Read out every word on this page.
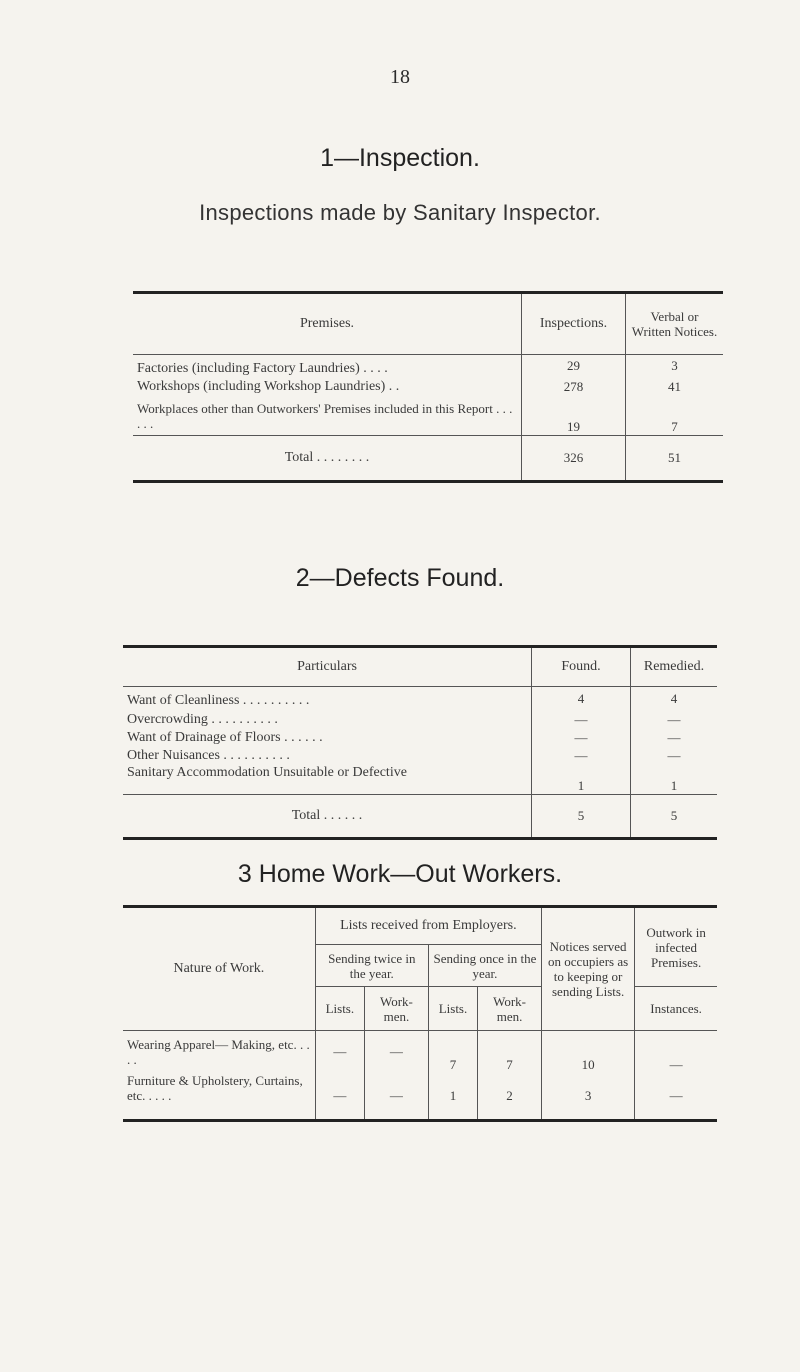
18
1—Inspection.
Inspections made by Sanitary Inspector.
Premises.	Inspections.	Verbal or Written Notices.
Factories (including Factory Laundries) . . . .	29	3
Workshops (including Workshop Laundries) . .	278	41
Workplaces other than Outworkers' Premises included in this Report . . . . . .	19	7
Total . . . . . . . .	326	51
2—Defects Found.
Particulars	Found.	Remedied.
Want of Cleanliness . . . . . . . . . .	4	4
Overcrowding . . . . . . . . . .	—	—
Want of Drainage of Floors . . . . . .	—	—
Other Nuisances . . . . . . . . . .	—	—
Sanitary Accommodation Unsuitable or Defective	1	1
Total . . . . . .	5	5
3 Home Work—Out Workers.
Nature of Work.	Lists received from Employers.				Notices served on occupiers as to keeping or sending Lists.	Outwork in infected Premises.
	Sending twice in the year.		Sending once in the year.			
	Lists.	Work-men.	Lists.	Work-men.		Instances.
Wearing Apparel— Making, etc. . . . .	—	—	7	7	10	—
Furniture & Upholstery, Curtains, etc. . . . .	—	—	1	2	3	—
